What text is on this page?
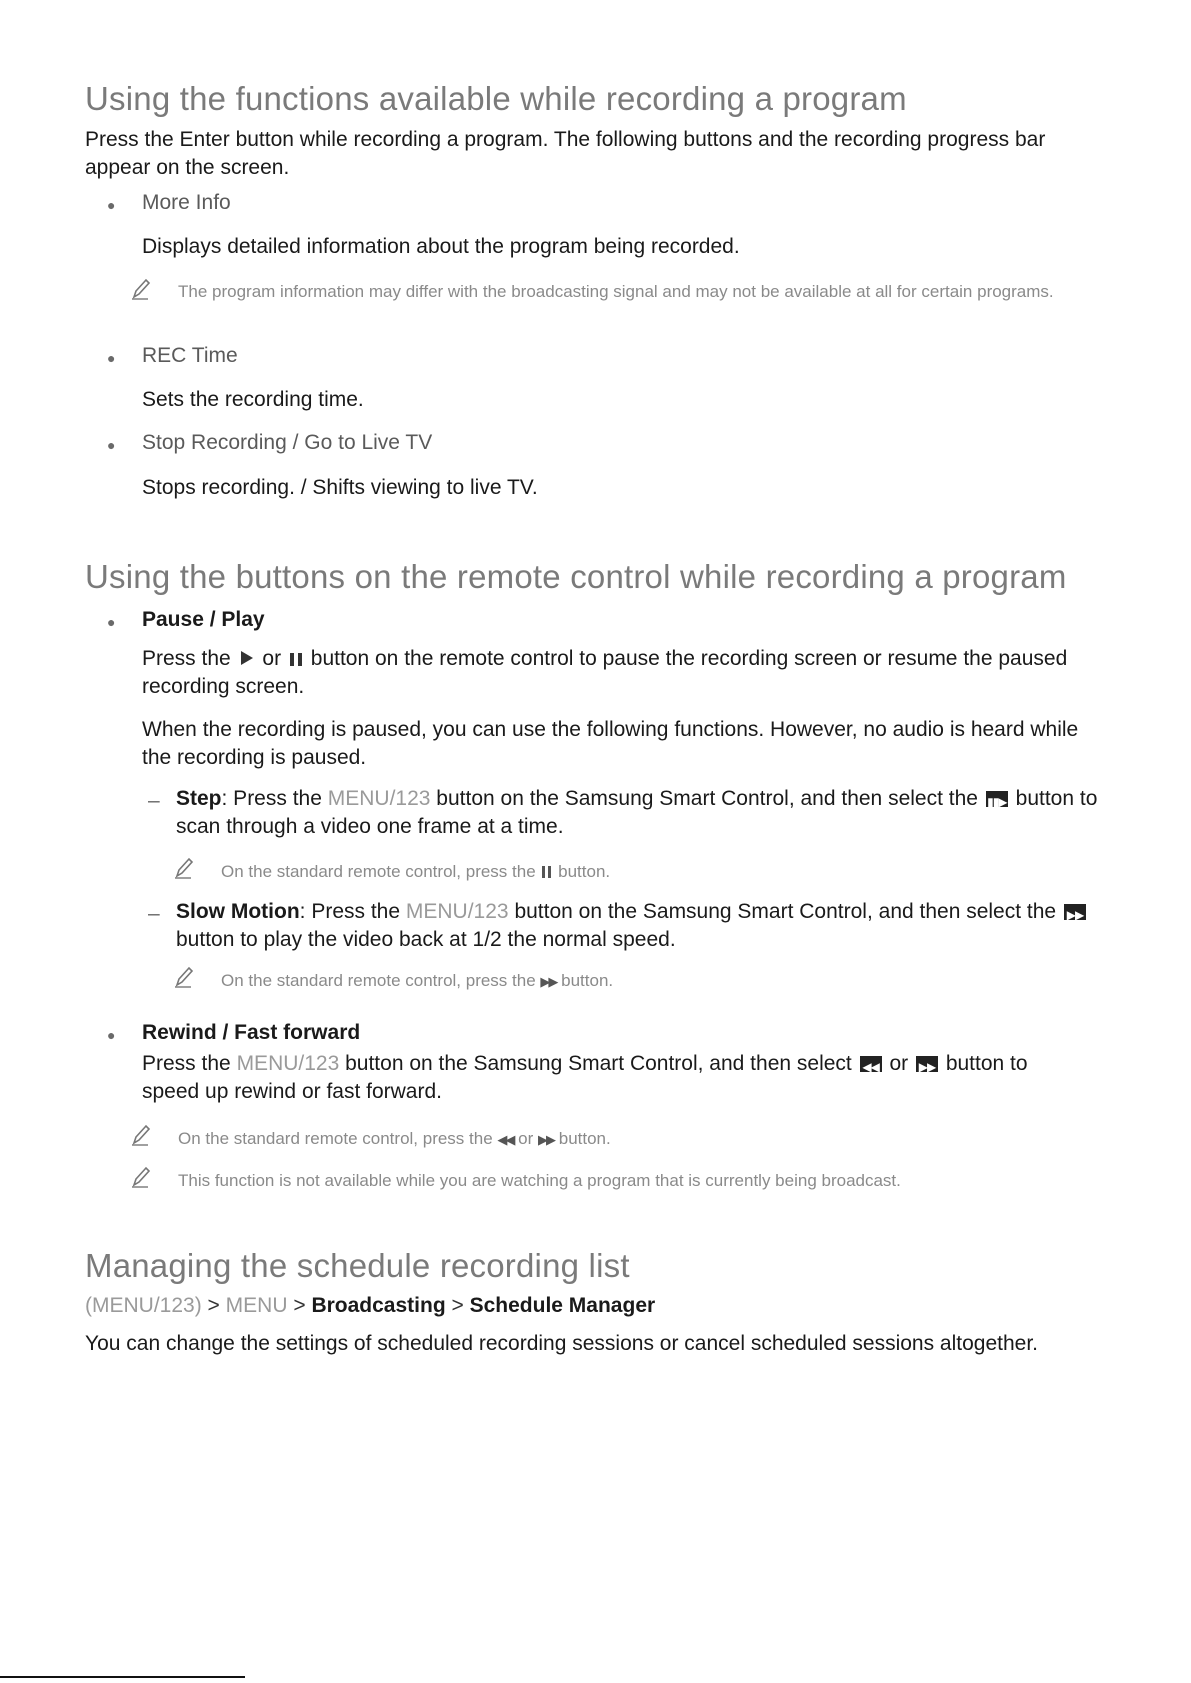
Using the functions available while recording a program
Press the Enter button while recording a program. The following buttons and the recording progress bar appear on the screen.
● More Info
Displays detailed information about the program being recorded.
The program information may differ with the broadcasting signal and may not be available at all for certain programs.
● REC Time
Sets the recording time.
● Stop Recording / Go to Live TV
Stops recording. / Shifts viewing to live TV.
Using the buttons on the remote control while recording a program
● Pause / Play
Press the or button on the remote control to pause the recording screen or resume the paused recording screen.
When the recording is paused, you can use the following functions. However, no audio is heard while the recording is paused.
– Step: Press the MENU/123 button on the Samsung Smart Control, and then select the ▮▮▶ button to scan through a video one frame at a time.
On the standard remote control, press the button.
– Slow Motion: Press the MENU/123 button on the Samsung Smart Control, and then select the ▶▶
button to play the video back at 1/2 the normal speed.
On the standard remote control, press the ▶▶ button.
● Rewind / Fast forward
Press the MENU/123 button on the Samsung Smart Control, and then select ◀◀ or ▶▶ button to
speed up rewind or fast forward.
On the standard remote control, press the ◀◀ or ▶▶ button.
This function is not available while you are watching a program that is currently being broadcast.
Managing the schedule recording list
(MENU/123) > MENU > Broadcasting > Schedule Manager
You can change the settings of scheduled recording sessions or cancel scheduled sessions altogether.
